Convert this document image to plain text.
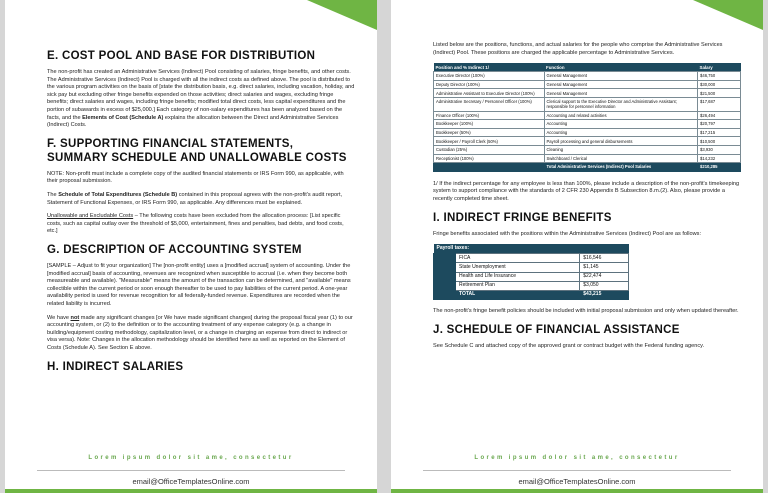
E. COST POOL AND BASE FOR DISTRIBUTION

The non-profit has created an Administrative Services (Indirect) Pool consisting of salaries, fringe benefits, and other costs. The Administrative Services (Indirect) Pool is charged with all the indirect costs as defined above. The pool is distributed to the various program activities on the basis of [state the distribution basis, e.g. direct salaries, including vacation, holiday, and sick pay but excluding other fringe benefits expended on those activities; direct salaries and wages, excluding fringe benefits; direct salaries and wages, including fringe benefits; modified total direct costs, less capital expenditures and the portion of subawards in excess of $25,000.] Each category of non-salary expenditures has been analyzed based on the facts, and the Elements of Cost (Schedule A) explains the allocation between the Direct and Administrative Services (Indirect) Costs.

F. SUPPORTING FINANCIAL STATEMENTS, SUMMARY SCHEDULE AND UNALLOWABLE COSTS

NOTE: Non-profit must include a complete copy of the audited financial statements or IRS Form 990, as applicable, with their proposal submission.

The Schedule of Total Expenditures (Schedule B) contained in this proposal agrees with the non-profit's audit report, Statement of Functional Expenses, or IRS Form 990, as applicable. Any differences must be explained.

Unallowable and Excludable Costs – The following costs have been excluded from the allocation process: [List specific costs, such as capital outlay over the threshold of $5,000, entertainment, fines and penalties, bad debts, and food costs, etc.]

G. DESCRIPTION OF ACCOUNTING SYSTEM

[SAMPLE – Adjust to fit your organization] The [non-profit entity] uses a [modified accrual] system of accounting. Under the [modified accrual] basis of accounting, revenues are recognized when susceptible to accrual (i.e. when they become both measureable and available). "Measurable" means the amount of the transaction can be determined, and "available" means collectible within the current period or soon enough thereafter to be used to pay liabilities of the current period. A one-year availability period is used for revenue recognition for all federally-funded revenue. Expenditures are recorded when the related liability is incurred.

We have not made any significant changes [or We have made significant changes] during the proposal fiscal year (1) to our accounting system, or (2) to the definition or to the accounting treatment of any expense category (e.g. a change in building/equipment costing methodology, capitalization level, or a change in charging an expense from direct to indirect or visa versa). Note: Changes in the allocation methodology should be identified here as well as reported on the Element of Costs (Schedule A). See Section E above.

H. INDIRECT SALARIES
Lorem ipsum dolor sit ame, consectetur
email@OfficeTemplatesOnline.com

Listed below are the positions, functions, and actual salaries for the people who comprise the Administrative Services (Indirect) Pool. These positions are charged the applicable percentage to Administrative Services.

Position and % Indirect 1/	Function	Salary
Executive Director (100%)	General Management	$46,750
Deputy Director (100%)	General Management	$30,000
Administrative Assistant to Executive Director (100%)	General Management	$21,500
Administrative Secretary / Personnel Officer (100%)	Clerical support to the Executive Director and Administrative Assistant; responsible for personnel information	$17,687
Finance Officer (100%)	Accounting and related activities	$26,494
Bookkeeper (100%)	Accounting	$20,797
Bookkeeper (50%)	Accounting	$17,215
Bookkeeper / Payroll Clerk (50%)	Payroll processing and general disbursements	$10,500
Custodian (25%)	Cleaning	$3,930
Receptionist (100%)	Switchboard / Clerical	$14,232
	Total Administrative Services (Indirect) Pool Salaries	$210,285

1/ If the indirect percentage for any employee is less than 100%, please include a description of the non-profit's timekeeping system to support compliance with the standards of 2 CFR 230 Appendix B Subsection 8.m.(2). Also, please provide a recently completed time sheet.

I. INDIRECT FRINGE BENEFITS

Fringe benefits associated with the positions within the Administrative Services (Indirect) Pool are as follows:

Payroll taxes:		
	FICA	$16,546
	State Unemployment	$1,145
	Health and Life Insurance	$22,474
	Retirement Plan	$3,050
	TOTAL	$43,215

The non-profit's fringe benefit policies should be included with initial proposal submission and only when updated thereafter.

J. SCHEDULE OF FINANCIAL ASSISTANCE

See Schedule C and attached copy of the approved grant or contract budget with the Federal funding agency.

Lorem ipsum dolor sit ame, consectetur
email@OfficeTemplatesOnline.com
